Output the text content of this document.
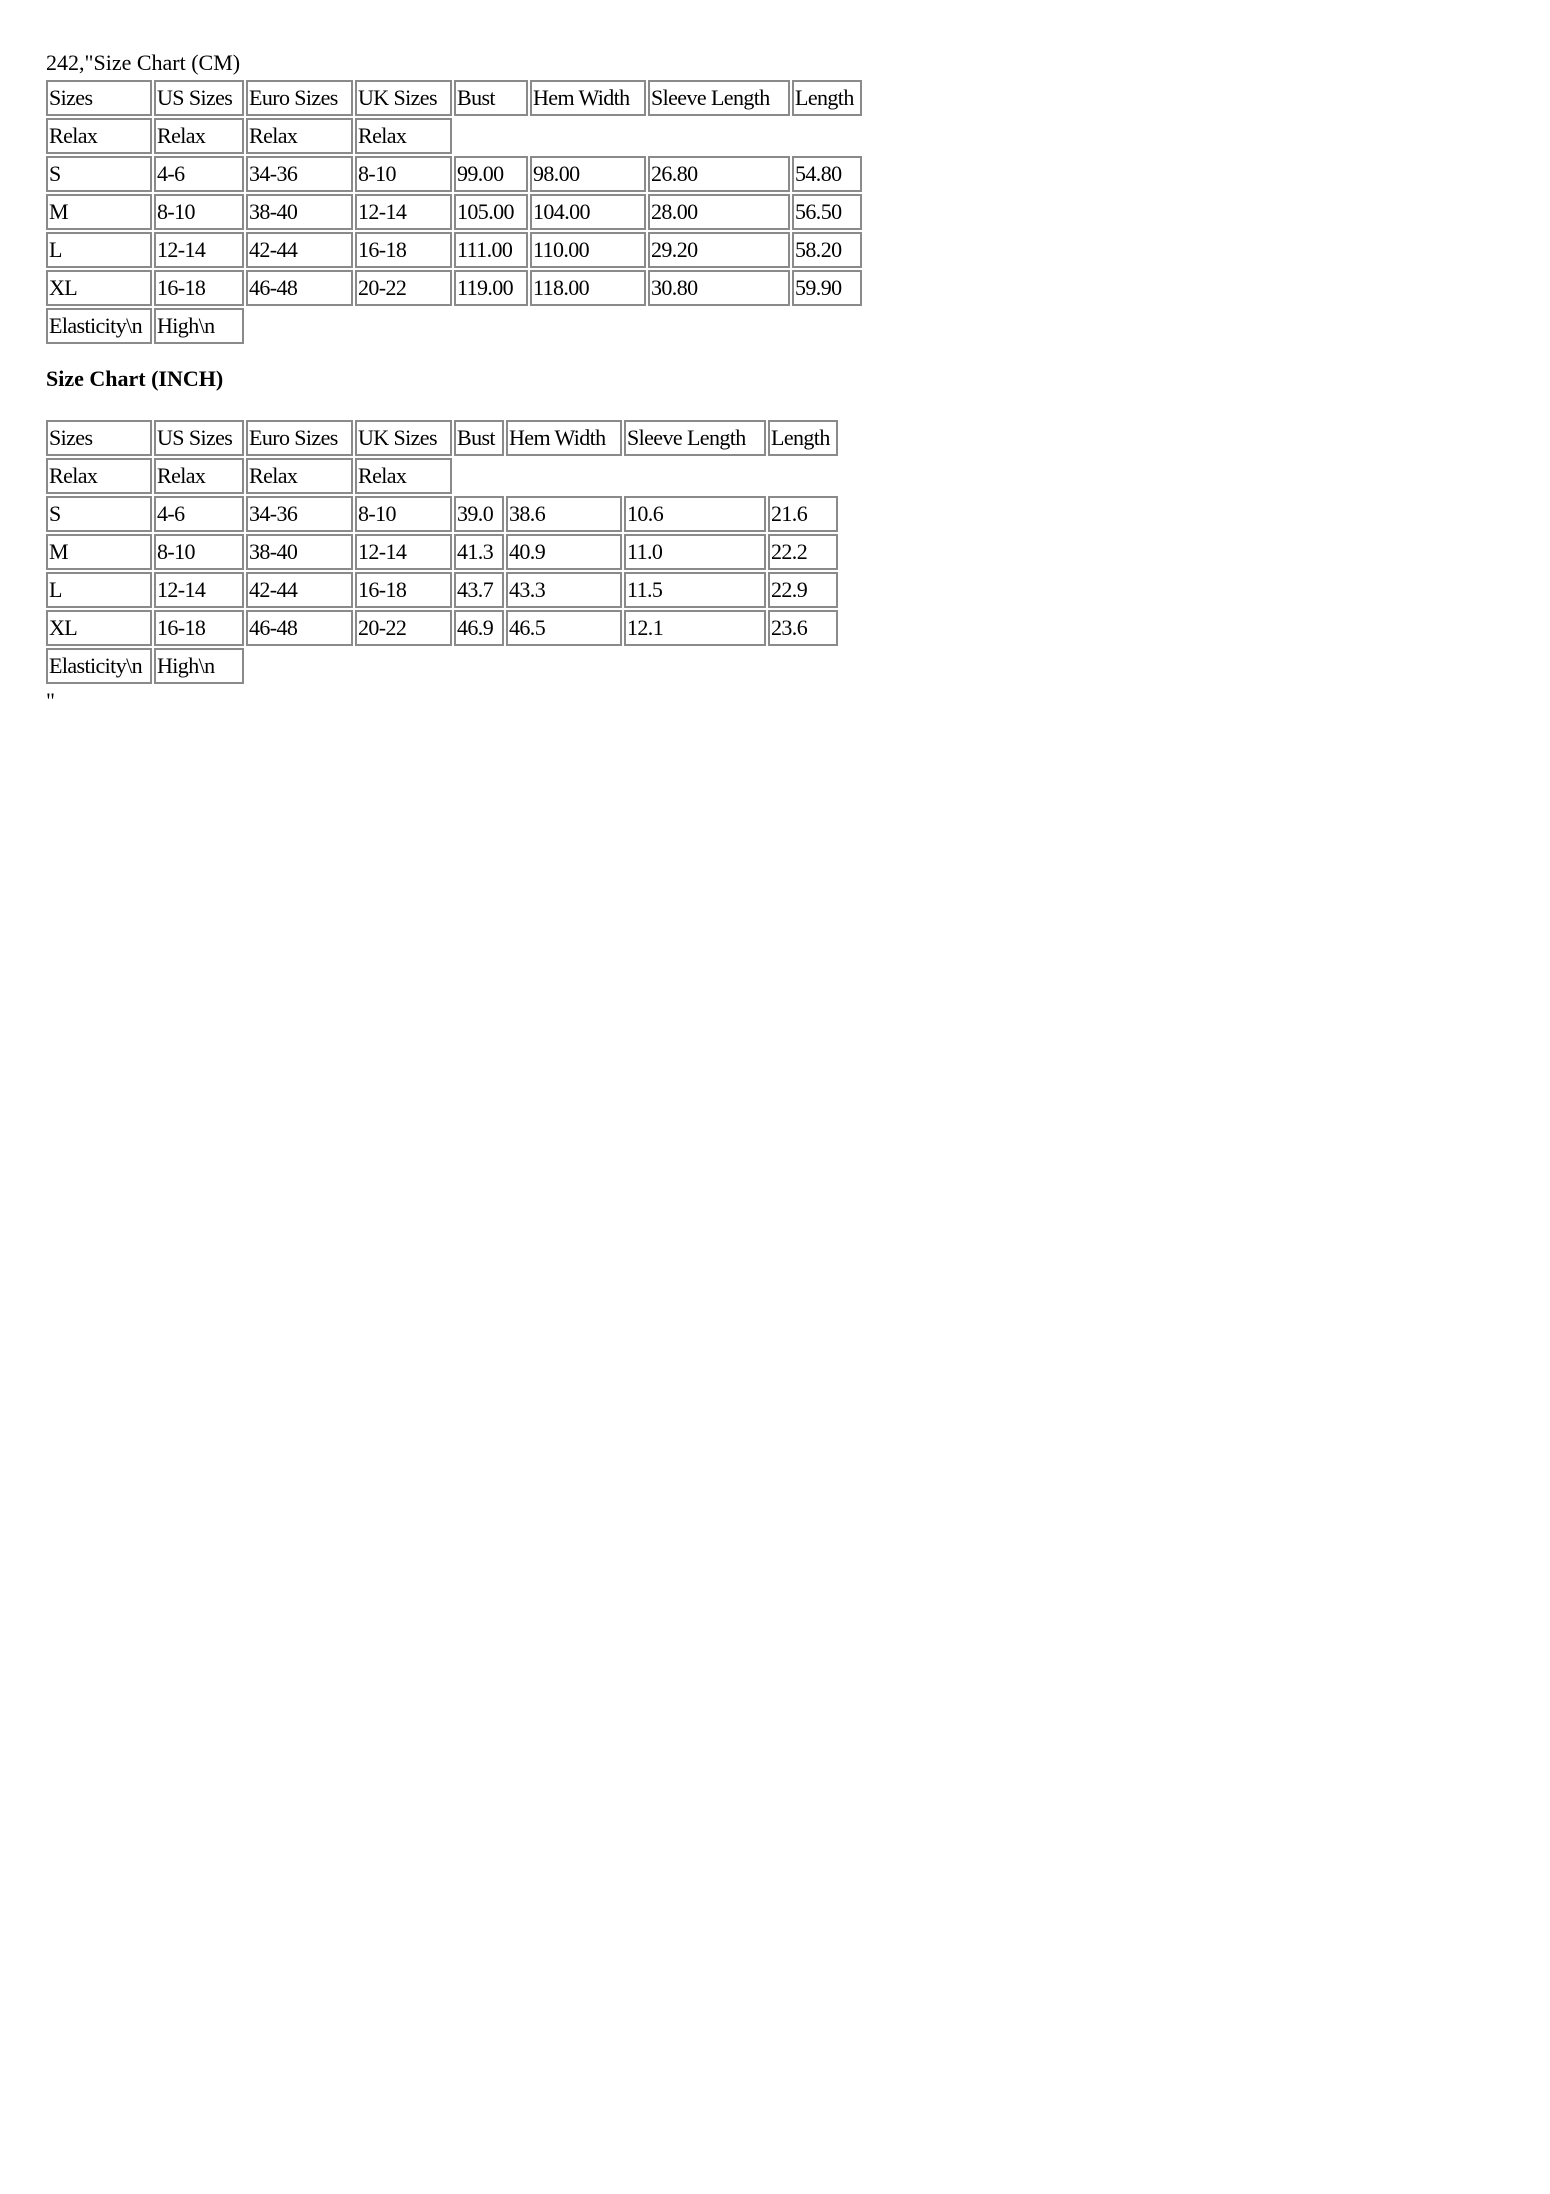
242,"Size Chart (CM)
Sizes	US Sizes	Euro Sizes	UK Sizes	Bust	Hem Width	Sleeve Length	Length
Relax	Relax	Relax	Relax				
S	4-6	34-36	8-10	99.00	98.00	26.80	54.80
M	8-10	38-40	12-14	105.00	104.00	28.00	56.50
L	12-14	42-44	16-18	111.00	110.00	29.20	58.20
XL	16-18	46-48	20-22	119.00	118.00	30.80	59.90
Elasticity\n	High\n						
Size Chart (INCH)
Sizes	US Sizes	Euro Sizes	UK Sizes	Bust	Hem Width	Sleeve Length	Length
Relax	Relax	Relax	Relax				
S	4-6	34-36	8-10	39.0	38.6	10.6	21.6
M	8-10	38-40	12-14	41.3	40.9	11.0	22.2
L	12-14	42-44	16-18	43.7	43.3	11.5	22.9
XL	16-18	46-48	20-22	46.9	46.5	12.1	23.6
Elasticity\n	High\n						
"
